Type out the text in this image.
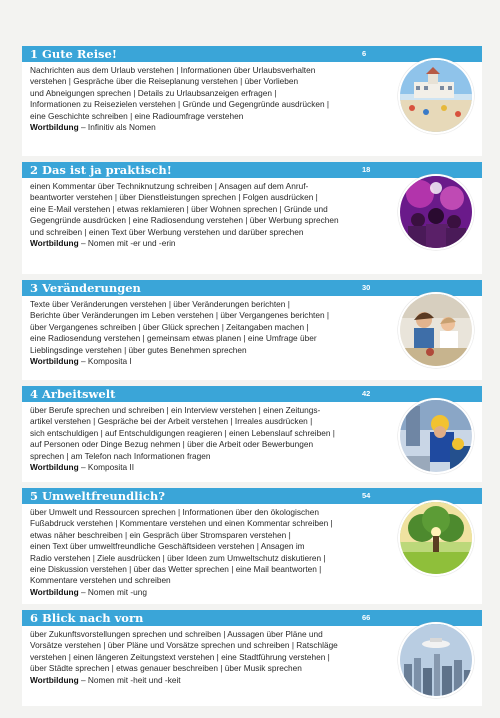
1 Gute Reise!	6
Nachrichten aus dem Urlaub verstehen | Informationen über Urlaubsverhalten
verstehen | Gespräche über die Reiseplanung verstehen | über Vorlieben
und Abneigungen sprechen | Details zu Urlaubsanzeigen erfragen |
Informationen zu Reisezielen verstehen | Gründe und Gegengründe ausdrücken |
eine Geschichte schreiben | eine Radioumfrage verstehen
Wortbildung – Infinitiv als Nomen
2 Das ist ja praktisch!	18
einen Kommentar über Techniknutzung schreiben | Ansagen auf dem Anruf-
beantworter verstehen | über Dienstleistungen sprechen | Folgen ausdrücken |
eine E-Mail verstehen | etwas reklamieren | über Wohnen sprechen | Gründe und
Gegengründe ausdrücken | eine Radiosendung verstehen | über Werbung sprechen
und schreiben | einen Text über Werbung verstehen und darüber sprechen
Wortbildung – Nomen mit -er und -erin
3 Veränderungen	30
Texte über Veränderungen verstehen | über Veränderungen berichten |
Berichte über Veränderungen im Leben verstehen | über Vergangenes berichten |
über Vergangenes schreiben | über Glück sprechen | Zeitangaben machen |
eine Radiosendung verstehen | gemeinsam etwas planen | eine Umfrage über
Lieblingsdinge verstehen | über gutes Benehmen sprechen
Wortbildung – Komposita I
4 Arbeitswelt	42
über Berufe sprechen und schreiben | ein Interview verstehen | einen Zeitungs-
artikel verstehen | Gespräche bei der Arbeit verstehen | Irreales ausdrücken |
sich entschuldigen | auf Entschuldigungen reagieren | einen Lebenslauf schreiben |
auf Personen oder Dinge Bezug nehmen | über die Arbeit oder Bewerbungen
sprechen | am Telefon nach Informationen fragen
Wortbildung – Komposita II
5 Umweltfreundlich?	54
über Umwelt und Ressourcen sprechen | Informationen über den ökologischen
Fußabdruck verstehen | Kommentare verstehen und einen Kommentar schreiben |
etwas näher beschreiben | ein Gespräch über Stromsparen verstehen |
einen Text über umweltfreundliche Geschäftsideen verstehen | Ansagen im
Radio verstehen | Ziele ausdrücken | über Ideen zum Umweltschutz diskutieren |
eine Diskussion verstehen | über das Wetter sprechen | eine Mail beantworten |
Kommentare verstehen und schreiben
Wortbildung – Nomen mit -ung
6 Blick nach vorn	66
über Zukunftsvorstellungen sprechen und schreiben | Aussagen über Pläne und
Vorsätze verstehen | über Pläne und Vorsätze sprechen und schreiben | Ratschläge
verstehen | einen längeren Zeitungstext verstehen | eine Stadtführung verstehen |
über Städte sprechen | etwas genauer beschreiben | über Musik sprechen
Wortbildung – Nomen mit -heit und -keit
